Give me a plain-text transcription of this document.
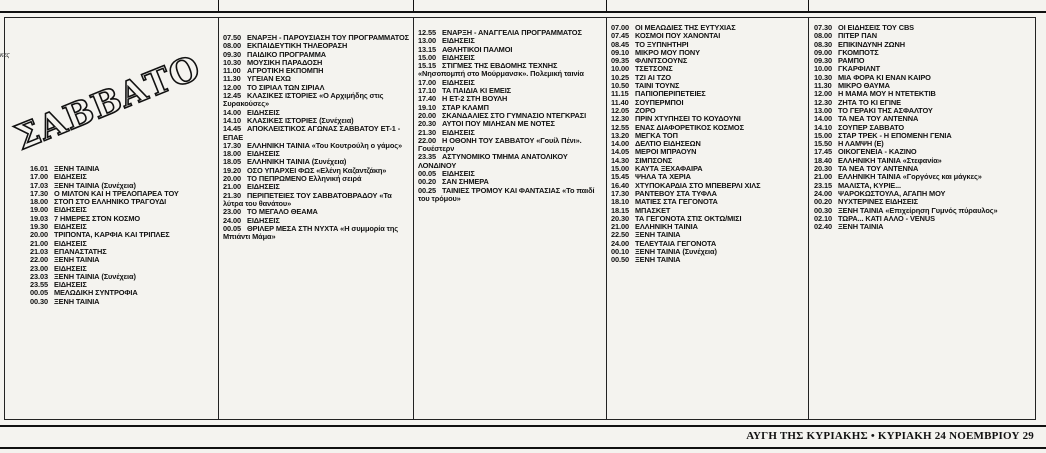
κες ΣΑΒΒΑΤΟ
16.01 ΞΕΝΗ ΤΑΙΝΙΑ
17.00 ΕΙΔΗΣΕΙΣ
17.03 ΞΕΝΗ ΤΑΙΝΙΑ (Συνέχεια)
17.30 Ο ΜΙΛΤΟΝ ΚΑΙ Η ΤΡΕΛΟΠΑΡΕΑ ΤΟΥ
18.00 ΣΤΟΠ ΣΤΟ ΕΛΛΗΝΙΚΟ ΤΡΑΓΟΥΔΙ
19.00 ΕΙΔΗΣΕΙΣ
19.03 7 ΗΜΕΡΕΣ ΣΤΟΝ ΚΟΣΜΟ
19.30 ΕΙΔΗΣΕΙΣ
20.00 ΤΡΙΠΟΝΤΑ, ΚΑΡΦΙΑ ΚΑΙ ΤΡΙΠΛΕΣ
21.00 ΕΙΔΗΣΕΙΣ
21.03 ΕΠΑΝΑΣΤΑΤΗΣ
22.00 ΞΕΝΗ ΤΑΙΝΙΑ
23.00 ΕΙΔΗΣΕΙΣ
23.03 ΞΕΝΗ ΤΑΙΝΙΑ (Συνέχεια)
23.55 ΕΙΔΗΣΕΙΣ
00.05 ΜΕΛΩΔΙΚΗ ΣΥΝΤΡΟΦΙΑ
00.30 ΞΕΝΗ ΤΑΙΝΙΑ
07.50 ΕΝΑΡΞΗ - ΠΑΡΟΥΣΙΑΣΗ ΤΟΥ ΠΡΟΓΡΑΜΜΑΤΟΣ
08.00 ΕΚΠΑΙΔΕΥΤΙΚΗ ΤΗΛΕΟΡΑΣΗ
09.30 ΠΑΙΔΙΚΟ ΠΡΟΓΡΑΜΜΑ
10.30 ΜΟΥΣΙΚΗ ΠΑΡΑΔΟΣΗ
11.00 ΑΓΡΟΤΙΚΗ ΕΚΠΟΜΠΗ
11.30 ΥΓΕΙΑΝ ΕΧΩ
12.00 ΤΟ ΣΙΡΙΑΛ ΤΩΝ ΣΙΡΙΑΛ
12.45 ΚΛΑΣΙΚΕΣ ΙΣΤΟΡΙΕΣ «Ο Αρχιμήδης στις Συρακούσες»
14.00 ΕΙΔΗΣΕΙΣ
14.10 ΚΛΑΣΙΚΕΣ ΙΣΤΟΡΙΕΣ (Συνέχεια)
14.45 ΑΠΟΚΛΕΙΣΤΙΚΟΣ ΑΓΩΝΑΣ ΣΑΒΒΑΤΟΥ ΕΤ-1 - ΕΠΑΕ
17.30 ΕΛΛΗΝΙΚΗ ΤΑΙΝΙΑ «Του Κουτρούλη ο γάμος»
18.00 ΕΙΔΗΣΕΙΣ
18.05 ΕΛΛΗΝΙΚΗ ΤΑΙΝΙΑ (Συνέχεια)
19.20 ΟΣΟ ΥΠΑΡΧΕΙ ΦΩΣ «Ελένη Καζαντζάκη»
20.00 ΤΟ ΠΕΠΡΩΜΕΝΟ Ελληνική σειρά
21.00 ΕΙΔΗΣΕΙΣ
21.30 ΠΕΡΙΠΕΤΕΙΕΣ ΤΟΥ ΣΑΒΒΑΤΟΒΡΑΔΟΥ «Τα λύτρα του θανάτου»
23.00 ΤΟ ΜΕΓΑΛΟ ΘΕΑΜΑ
24.00 ΕΙΔΗΣΕΙΣ
00.05 ΘΡΙΛΕΡ ΜΕΣΑ ΣΤΗ ΝΥΧΤΑ «Η συμμορία της Μπιάντι Μάμα»
12.55 ΕΝΑΡΞΗ - ΑΝΑΓΓΕΛΙΑ ΠΡΟΓΡΑΜΜΑΤΟΣ
13.00 ΕΙΔΗΣΕΙΣ
13.15 ΑΘΛΗΤΙΚΟΙ ΠΑΛΜΟΙ
15.00 ΕΙΔΗΣΕΙΣ
15.15 ΣΤΙΓΜΕΣ ΤΗΣ ΕΒΔΟΜΗΣ ΤΕΧΝΗΣ «Νησοπομπή στο Μούρμανσκ». Πολεμική ταινία
17.00 ΕΙΔΗΣΕΙΣ
17.10 ΤΑ ΠΑΙΔΙΑ ΚΙ ΕΜΕΙΣ
17.40 Η ΕΤ-2 ΣΤΗ ΒΟΥΛΗ
19.10 ΣΤΑΡ ΚΛΑΜΠ
20.00 ΣΚΑΝΔΑΛΙΕΣ ΣΤΟ ΓΥΜΝΑΣΙΟ ΝΤΕΓΚΡΑΣΙ
20.30 ΑΥΤΟΙ ΠΟΥ ΜΙΛΗΣΑΝ ΜΕ ΝΟΤΕΣ
21.30 ΕΙΔΗΣΕΙΣ
22.00 Η ΟΘΟΝΗ ΤΟΥ ΣΑΒΒΑΤΟΥ «Γουίλ Πένι». Γουέστερν
23.35 ΑΣΤΥΝΟΜΙΚΟ ΤΜΗΜΑ ΑΝΑΤΟΛΙΚΟΥ ΛΟΝΔΙΝΟΥ
00.05 ΕΙΔΗΣΕΙΣ
00.20 ΣΑΝ ΣΗΜΕΡΑ
00.25 ΤΑΙΝΙΕΣ ΤΡΟΜΟΥ ΚΑΙ ΦΑΝΤΑΣΙΑΣ «Το παιδί του τρόμου»
07.00 ΟΙ ΜΕΛΩΔΙΕΣ ΤΗΣ ΕΥΤΥΧΙΑΣ
07.45 ΚΟΣΜΟΙ ΠΟΥ ΧΑΝΟΝΤΑΙ
08.45 ΤΟ ΞΥΠΝΗΤΗΡΙ
09.10 ΜΙΚΡΟ ΜΟΥ ΠΟΝΥ
09.35 ΦΛΙΝΤΣΟΟΥΝΣ
10.00 ΤΣΕΤΣΟΝΣ
10.25 ΤΖΙ ΑΙ ΤΖΟ
10.50 ΤΑΙΝΙ ΤΟΥΝΣ
11.15 ΠΑΠΙΟΠΕΡΙΠΕΤΕΙΕΣ
11.40 ΣΟΥΠΕΡΜΠΟΙ
12.05 ΖΟΡΟ
12.30 ΠΡΙΝ ΧΤΥΠΗΣΕΙ ΤΟ ΚΟΥΔΟΥΝΙ
12.55 ΕΝΑΣ ΔΙΑΦΟΡΕΤΙΚΟΣ ΚΟΣΜΟΣ
13.20 ΜΕΓΚΑ ΤΟΠ
14.00 ΔΕΛΤΙΟ ΕΙΔΗΣΕΩΝ
14.05 ΜΕΡΟΙ ΜΠΡΑΟΥΝ
14.30 ΣΙΜΠΣΟΝΣ
15.00 ΚΑΥΤΑ ΞΕΧΑΦΑΙΡΑ
15.45 ΨΗΛΑ ΤΑ ΧΕΡΙΑ
16.40 ΧΤΥΠΟΚΑΡΔΙΑ ΣΤΟ ΜΠΕΒΕΡΛΙ ΧΙΛΣ
17.30 ΡΑΝΤΕΒΟΥ ΣΤΑ ΤΥΦΛΑ
18.10 ΜΑΤΙΕΣ ΣΤΑ ΓΕΓΟΝΟΤΑ
18.15 ΜΠΑΣΚΕΤ
20.30 ΤΑ ΓΕΓΟΝΟΤΑ ΣΤΙΣ ΟΚΤΩ/ΜΙΣΙ
21.00 ΕΛΛΗΝΙΚΗ ΤΑΙΝΙΑ
22.50 ΞΕΝΗ ΤΑΙΝΙΑ
24.00 ΤΕΛΕΥΤΑΙΑ ΓΕΓΟΝΟΤΑ
00.10 ΞΕΝΗ ΤΑΙΝΙΑ (Συνέχεια)
00.50 ΞΕΝΗ ΤΑΙΝΙΑ
07.30 ΟΙ ΕΙΔΗΣΕΙΣ ΤΟΥ CBS
08.00 ΠΙΤΕΡ ΠΑΝ
08.30 ΕΠΙΚΙΝΔΥΝΗ ΖΩΝΗ
09.00 ΓΚΟΜΠΟΤΣ
09.30 ΡΑΜΠΟ
10.00 ΓΚΑΡΦΙΛΝΤ
10.30 ΜΙΑ ΦΟΡΑ ΚΙ ΕΝΑΝ ΚΑΙΡΟ
11.30 ΜΙΚΡΟ ΘΑΥΜΑ
12.00 Η ΜΑΜΑ ΜΟΥ Η ΝΤΕΤΕΚΤΙΒ
12.30 ΖΗΤΑ ΤΟ ΚΙ ΕΓΙΝΕ
13.00 ΤΟ ΓΕΡΑΚΙ ΤΗΣ ΑΣΦΑΛΤΟΥ
14.00 ΤΑ ΝΕΑ ΤΟΥ ANTENNA
14.10 ΣΟΥΠΕΡ ΣΑΒΒΑΤΟ
15.00 ΣΤΑΡ ΤΡΕΚ - Η ΕΠΟΜΕΝΗ ΓΕΝΙΑ
15.50 Η ΛΑΜΨΗ (Ε)
17.45 ΟΙΚΟΓΕΝΕΙΑ - ΚΑΖΙΝΟ
18.40 ΕΛΛΗΝΙΚΗ ΤΑΙΝΙΑ «Στεφανία»
20.30 ΤΑ ΝΕΑ ΤΟΥ ANTENNA
21.00 ΕΛΛΗΝΙΚΗ ΤΑΙΝΙΑ «Γοργόνες και μάγκες»
23.15 ΜΑΛΙΣΤΑ, ΚΥΡΙΕ...
24.00 ΨΑΡΟΚΩΣΤΟΥΛΑ, ΑΓΑΠΗ ΜΟΥ
00.20 ΝΥΧΤΕΡΙΝΕΣ ΕΙΔΗΣΕΙΣ
00.30 ΞΕΝΗ ΤΑΙΝΙΑ «Επιχείρηση Γυμνός πύραυλος»
02.10 ΤΩΡΑ... ΚΑΤΙ ΑΛΛΟ - VENUS
02.40 ΞΕΝΗ ΤΑΙΝΙΑ
ΑΥΓΗ ΤΗΣ ΚΥΡΙΑΚΗΣ • ΚΥΡΙΑΚΗ 24 ΝΟΕΜΒΡΙΟΥ 29
